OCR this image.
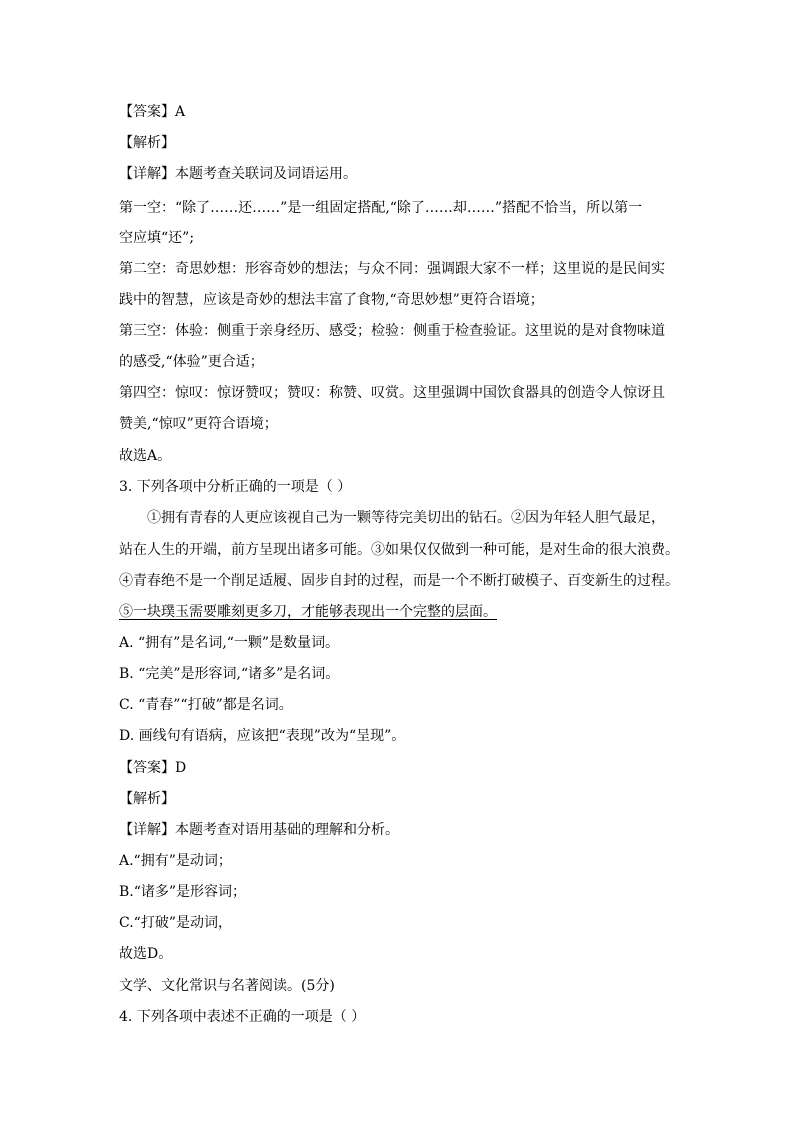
【答案】A
【解析】
【详解】本题考查关联词及词语运用。
第一空：“除了……还……”是一组固定搭配,“除了……却……”搭配不恰当，所以第一
空应填“还”;
第二空：奇思妙想：形容奇妙的想法；与众不同：强调跟大家不一样；这里说的是民间实
践中的智慧，应该是奇妙的想法丰富了食物,“奇思妙想”更符合语境；
第三空：体验：侧重于亲身经历、感受；检验：侧重于检查验证。这里说的是对食物味道
的感受,“体验”更合适；
第四空：惊叹：惊讶赞叹；赞叹：称赞、叹赏。这里强调中国饮食器具的创造令人惊讶且
赞美,“惊叹”更符合语境；
故选A。
3. 下列各项中分析正确的一项是（ ）
①拥有青春的人更应该视自己为一颗等待完美切出的钻石。②因为年轻人胆气最足，
站在人生的开端，前方呈现出诸多可能。③如果仅仅做到一种可能，是对生命的很大浪费。
④青春绝不是一个削足适履、固步自封的过程，而是一个不断打破模子、百变新生的过程。
⑤一块璞玉需要雕刻更多刀，才能够表现出一个完整的层面。
A. “拥有”是名词,“一颗”是数量词。
B. “完美”是形容词,“诸多”是名词。
C. “青春”“打破”都是名词。
D. 画线句有语病，应该把“表现”改为“呈现”。
【答案】D
【解析】
【详解】本题考查对语用基础的理解和分析。
A.“拥有”是动词；
B.“诸多”是形容词；
C.“打破”是动词，
故选D。
文学、文化常识与名著阅读。(5分)
4. 下列各项中表述不正确的一项是（ ）
